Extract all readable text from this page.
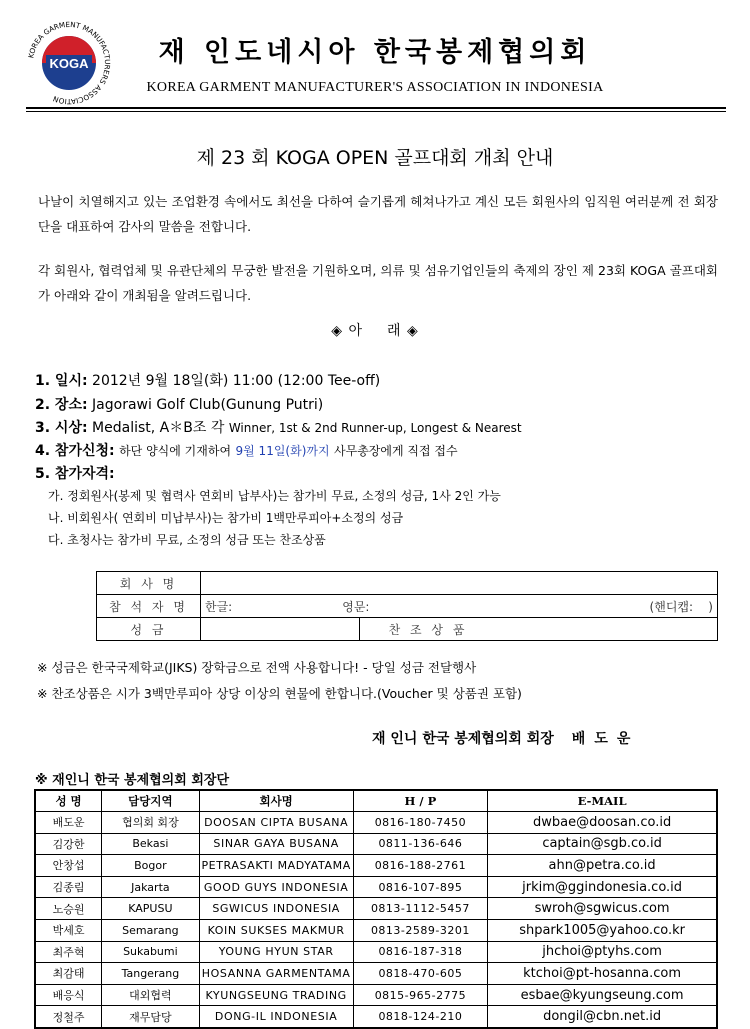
KOREA GARMENT MANUFACTURERS ASSOCIATION
KOGA	재 인도네시아 한국봉제협의회
KOREA GARMENT MANUFACTURER'S ASSOCIATION IN INDONESIA
제 23 회 KOGA OPEN 골프대회 개최 안내
나날이 치열해지고 있는 조업환경 속에서도 최선을 다하여 슬기롭게 헤쳐나가고 계신 모든 회원사의 임직원 여러분께 전 회장단을 대표하여 감사의 말씀을 전합니다.
각 회원사, 협력업체 및 유관단체의 무궁한 발전을 기원하오며, 의류 및 섬유기업인들의 축제의 장인 제 23회 KOGA 골프대회가 아래와 같이 개최됨을 알려드립니다.
◈ 아 래 ◈
1. 일시: 2012년 9월 18일(화) 11:00 (12:00 Tee-off)
2. 장소: Jagorawi Golf Club(Gunung Putri)
3. 시상: Medalist, A＊B조 각 Winner, 1st & 2nd Runner-up, Longest & Nearest
4. 참가신청: 하단 양식에 기재하여 9월 11일(화)까지 사무총장에게 직접 접수
5. 참가자격:
가. 정회원사(봉제 및 협력사 연회비 납부사)는 참가비 무료, 소정의 성금, 1사 2인 가능
나. 비회원사( 연회비 미납부사)는 참가비 1백만루피아+소정의 성금
다. 초청사는 참가비 무료, 소정의 성금 또는 찬조상품
회 사 명		
참 석 자 명	한글: 영문: (핸디캡:    )	

성 금		찬 조 상 품
※ 성금은 한국국제학교(JIKS) 장학금으로 전액 사용합니다! - 당일 성금 전달행사
※ 찬조상품은 시가 3백만루피아 상당 이상의 현물에 한합니다.(Voucher 및 상품권 포함)
재 인니 한국 봉제협의회 회장 배도운
※ 재인니 한국 봉제협의회 회장단
성 명	담당지역	회사명	H / P	E-MAIL
배도운	협의회 회장	DOOSAN CIPTA BUSANA	0816-180-7450	dwbae@doosan.co.id
김강한	Bekasi	SINAR GAYA BUSANA	0811-136-646	captain@sgb.co.id
안창섭	Bogor	PETRASAKTI MADYATAMA	0816-188-2761	ahn@petra.co.id
김종림	Jakarta	GOOD GUYS INDONESIA	0816-107-895	jrkim@ggindonesia.co.id
노승원	KAPUSU	SGWICUS INDONESIA	0813-1112-5457	swroh@sgwicus.com
박세호	Semarang	KOIN SUKSES MAKMUR	0813-2589-3201	shpark1005@yahoo.co.kr
최주혁	Sukabumi	YOUNG HYUN STAR	0816-187-318	jhchoi@ptyhs.com
최감태	Tangerang	HOSANNA GARMENTAMA	0818-470-605	ktchoi@pt-hosanna.com
배응식	대외협력	KYUNGSEUNG TRADING	0815-965-2775	esbae@kyungseung.com
정철주	재무담당	DONG-IL INDONESIA	0818-124-210	dongil@cbn.net.id
